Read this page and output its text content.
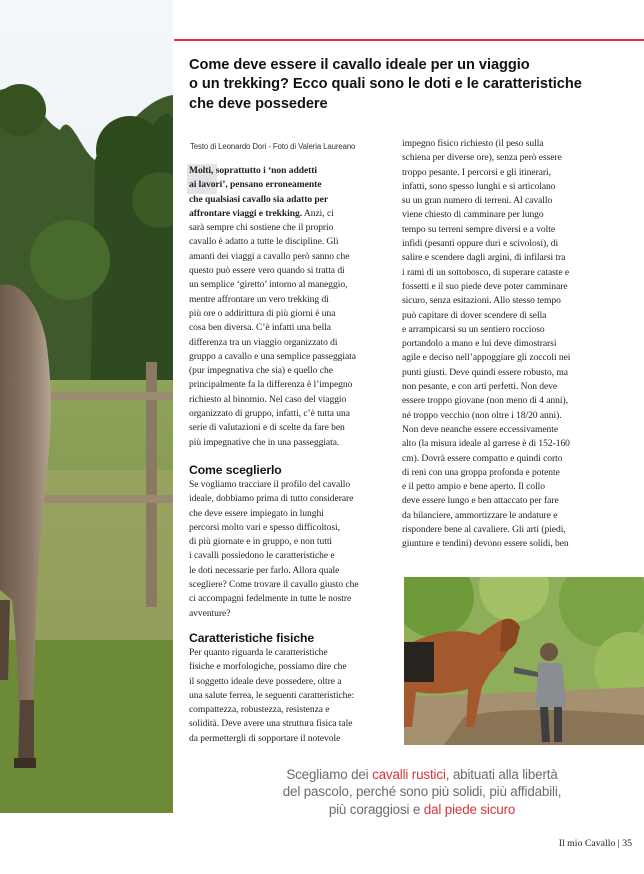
Come deve essere il cavallo ideale per un viaggio
o un trekking? Ecco quali sono le doti e le caratteristiche
che deve possedere
Testo di Leonardo Dori - Foto di Valeria Laureano
Molti, soprattutto i ‘non addetti
ai lavori’, pensano erroneamente
che qualsiasi cavallo sia adatto per
affrontare viaggi e trekking. Anzi, ci
sarà sempre chi sostiene che il proprio
cavallo è adatto a tutte le discipline. Gli
amanti dei viaggi a cavallo però sanno che
questo può essere vero quando si tratta di
un semplice ‘giretto’ intorno al maneggio,
mentre affrontare un vero trekking di
più ore o addirittura di più giorni è una
cosa ben diversa. C’è infatti una bella
differenza tra un viaggio organizzato di
gruppo a cavallo e una semplice passeggiata
(pur impegnativa che sia) e quello che
principalmente fa la differenza è l’impegno
richiesto al binomio. Nel caso del viaggio
organizzato di gruppo, infatti, c’è tutta una
serie di valutazioni e di scelte da fare ben
più impegnative che in una passeggiata.
Come sceglierlo
Se vogliamo tracciare il profilo del cavallo
ideale, dobbiamo prima di tutto considerare
che deve essere impiegato in lunghi
percorsi molto vari e spesso difficoltosi,
di più giornate e in gruppo, e non tutti
i cavalli possiedono le caratteristiche e
le doti necessarie per farlo. Allora quale
scegliere? Come trovare il cavallo giusto che
ci accompagni fedelmente in tutte le nostre
avventure?
Caratteristiche fisiche
Per quanto riguarda le caratteristiche
fisiche e morfologiche, possiamo dire che
il soggetto ideale deve possedere, oltre a
una salute ferrea, le seguenti caratteristiche:
compattezza, robustezza, resistenza e
solidità. Deve avere una struttura fisica tale
da permettergli di sopportare il notevole
impegno fisico richiesto (il peso sulla
schiena per diverse ore), senza però essere
troppo pesante. I percorsi e gli itinerari,
infatti, sono spesso lunghi e si articolano
su un gran numero di terreni. Al cavallo
viene chiesto di camminare per lungo
tempo su terreni sempre diversi e a volte
infidi (pesanti oppure duri e scivolosi), di
salire e scendere dagli argini, di infilarsi tra
i rami di un sottobosco, di superare cataste e
fossetti e il suo piede deve poter camminare
sicuro, senza esitazioni. Allo stesso tempo
può capitare di dover scendere di sella
e arrampicarsi su un sentiero roccioso
portandolo a mano e lui deve dimostrarsi
agile e deciso nell’appoggiare gli zoccoli nei
punti giusti. Deve quindi essere robusto, ma
non pesante, e con arti perfetti. Non deve
essere troppo giovane (non meno di 4 anni),
né troppo vecchio (non oltre i 18/20 anni).
Non deve neanche essere eccessivamente
alto (la misura ideale al garrese è di 152-160
cm). Dovrà essere compatto e quindi corto
di reni con una groppa profonda e potente
e il petto ampio e bene aperto. Il collo
deve essere lungo e ben attaccato per fare
da bilanciere, ammortizzare le andature e
rispondere bene al cavaliere. Gli arti (piedi,
giunture e tendini) devono essere solidi, ben
Scegliamo dei cavalli rustici, abituati alla libertà
del pascolo, perché sono più solidi, più affidabili,
più coraggiosi e dal piede sicuro
Il mio Cavallo | 35
